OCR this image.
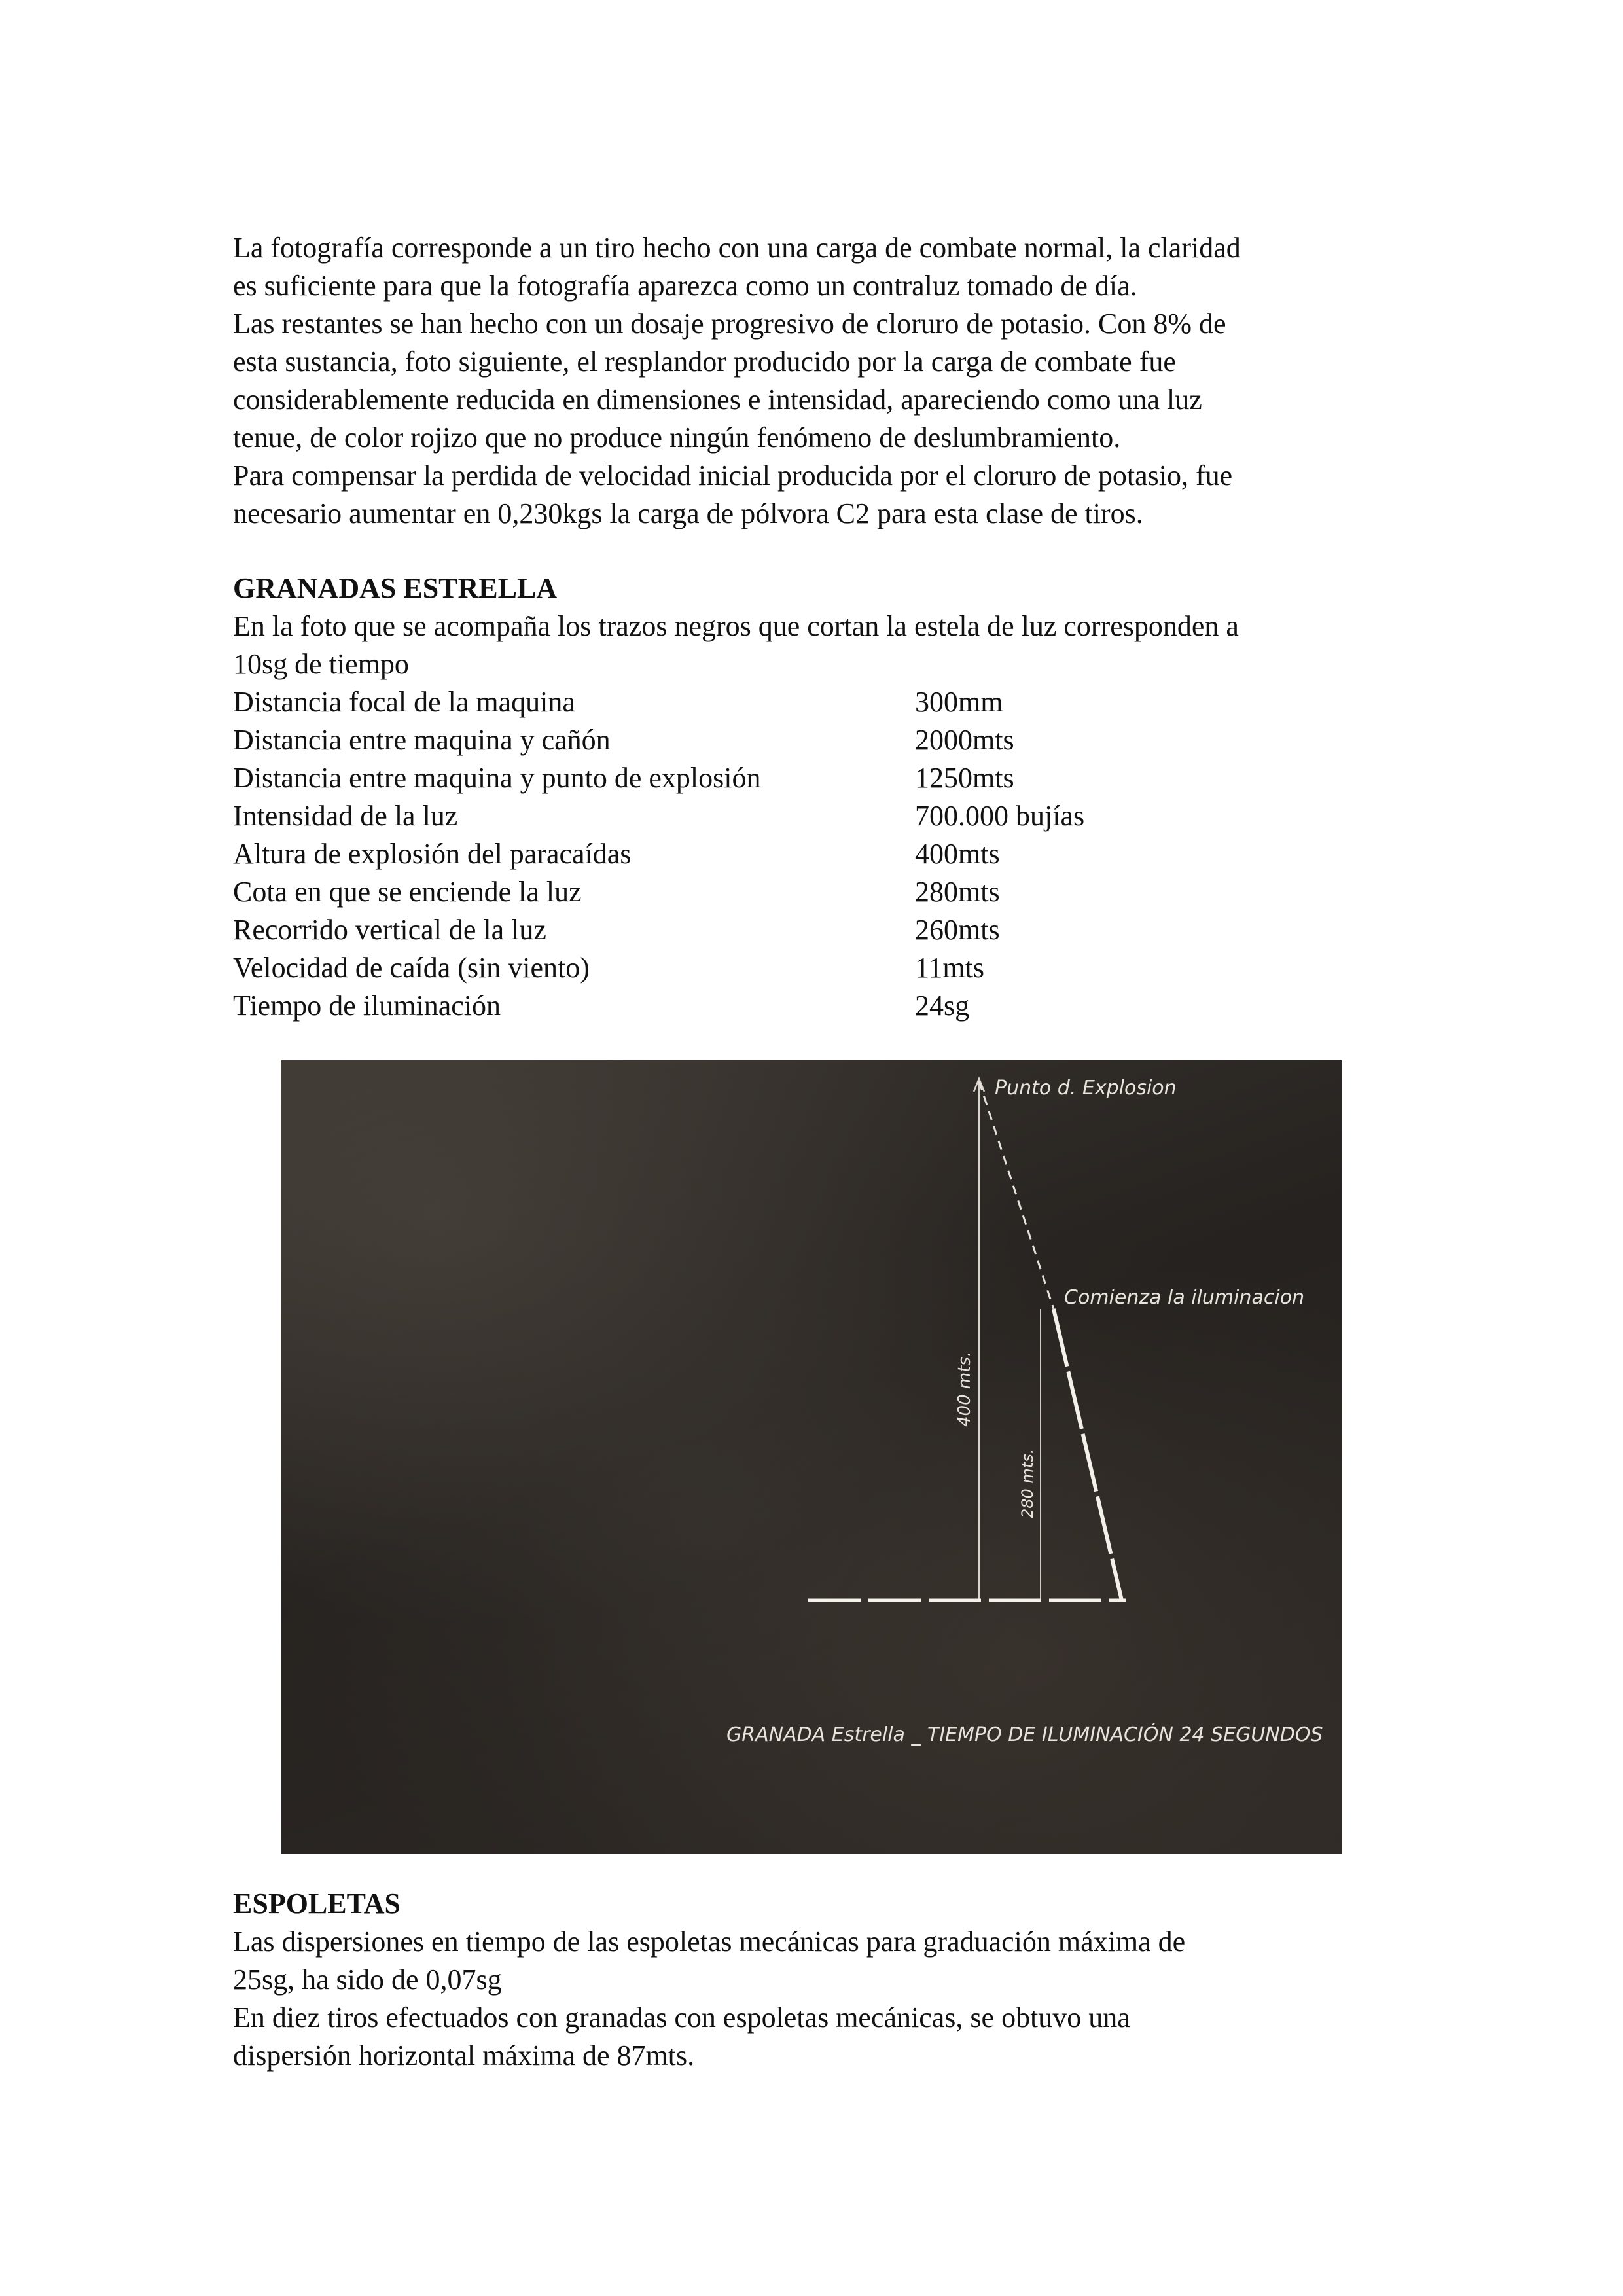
La fotografía corresponde a un tiro hecho con una carga de combate normal, la claridad
es suficiente para que la fotografía aparezca como un contraluz tomado de día.

Las restantes se han hecho con un dosaje progresivo de cloruro de potasio. Con 8% de
esta sustancia, foto siguiente, el resplandor producido por la carga de combate fue
considerablemente reducida en dimensiones e intensidad, apareciendo como una luz
tenue, de color rojizo que no produce ningún fenómeno de deslumbramiento.

Para compensar la perdida de velocidad inicial producida por el cloruro de potasio, fue
necesario aumentar en 0,230kgs la carga de pólvora C2 para esta clase de tiros.

GRANADAS ESTRELLA

En la foto que se acompaña los trazos negros que cortan la estela de luz corresponden a
10sg de tiempo

Distancia focal de la maquina	300mm
Distancia entre maquina y cañón	2000mts
Distancia entre maquina y punto de explosión	1250mts
Intensidad de la luz	700.000 bujías
Altura de explosión del paracaídas	400mts
Cota en que se enciende la luz	280mts
Recorrido vertical de la luz	260mts
Velocidad de caída (sin viento)	11mts
Tiempo de iluminación	24sg
Punto d. Explosion
Comienza la iluminacion
400 mts.
280 mts.
GRANADA Estrella _ TIEMPO DE ILUMINACIÓN 24 SEGUNDOS

ESPOLETAS

Las dispersiones en tiempo de las espoletas mecánicas para graduación máxima de
25sg, ha sido de 0,07sg

En diez tiros efectuados con granadas con espoletas mecánicas, se obtuvo una
dispersión horizontal máxima de 87mts.
